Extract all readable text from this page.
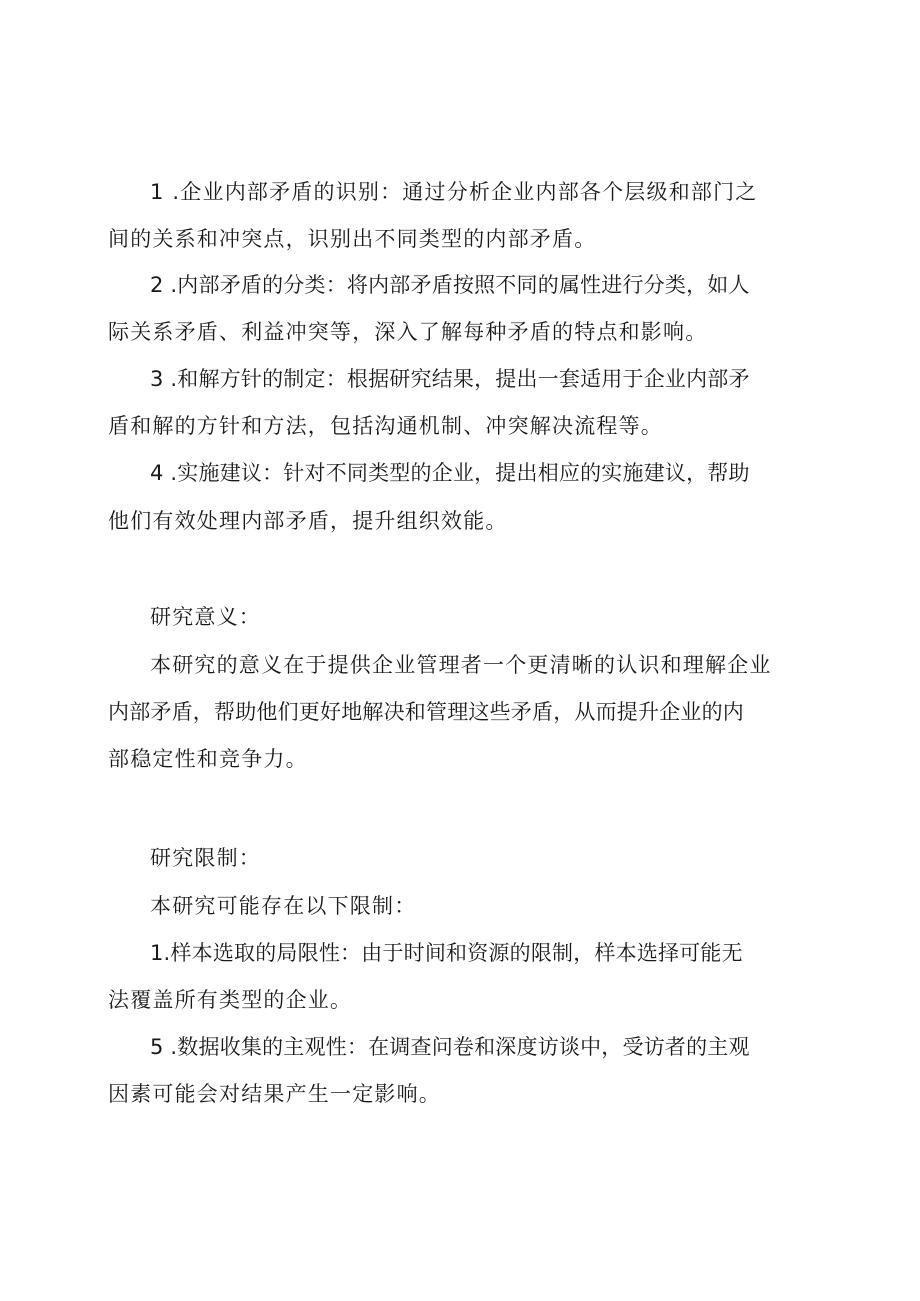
1 .企业内部矛盾的识别：通过分析企业内部各个层级和部门之
间的关系和冲突点，识别出不同类型的内部矛盾。
2 .内部矛盾的分类：将内部矛盾按照不同的属性进行分类，如人
际关系矛盾、利益冲突等，深入了解每种矛盾的特点和影响。
3 .和解方针的制定：根据研究结果，提出一套适用于企业内部矛
盾和解的方针和方法，包括沟通机制、冲突解决流程等。
4 .实施建议：针对不同类型的企业，提出相应的实施建议，帮助
他们有效处理内部矛盾，提升组织效能。
研究意义：
本研究的意义在于提供企业管理者一个更清晰的认识和理解企业
内部矛盾，帮助他们更好地解决和管理这些矛盾，从而提升企业的内
部稳定性和竞争力。
研究限制：
本研究可能存在以下限制：
1.样本选取的局限性：由于时间和资源的限制，样本选择可能无
法覆盖所有类型的企业。
5 .数据收集的主观性：在调查问卷和深度访谈中，受访者的主观
因素可能会对结果产生一定影响。
